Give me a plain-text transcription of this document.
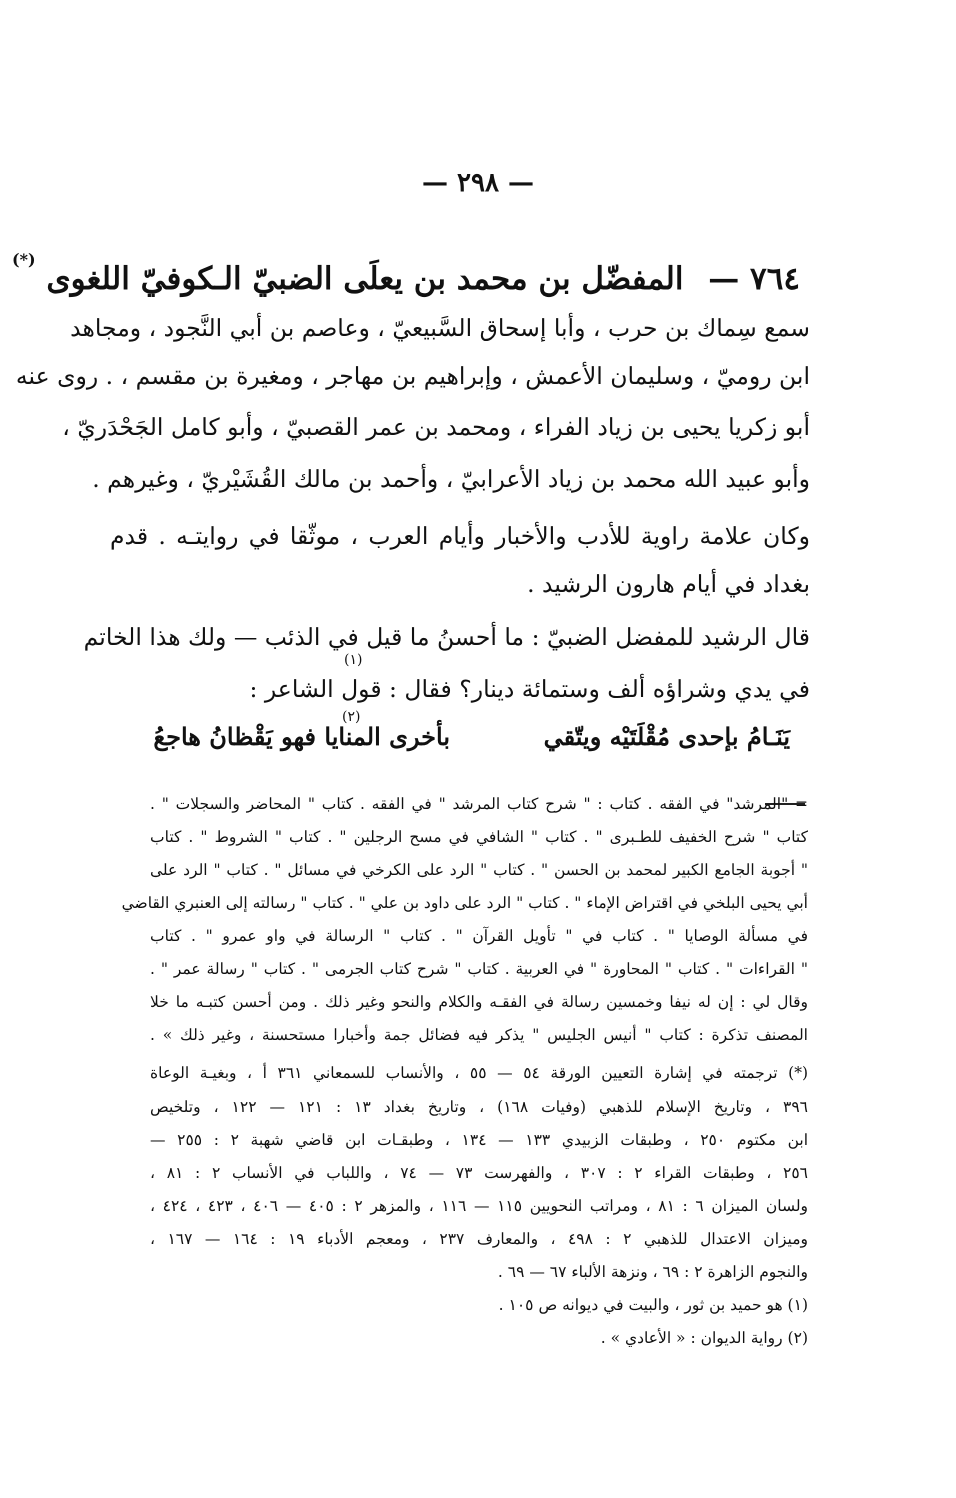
— ٢٩٨ —
٧٦٤ — المفضّل بن محمد بن يعلَى الضبيّ الـكوفيّ اللغوى (*)
سمع سِماك بن حرب ، وأبا إسحاق السَّبيعيّ ، وعاصم بن أبي النَّجود ، ومجاهد
ابن روميّ ، وسليمان الأعمش ، وإبراهيم بن مهاجر ، ومغيرة بن مقسم ، . روى عنه
أبو زكريا يحيى بن زياد الفراء ، ومحمد بن عمر القصبيّ ، وأبو كامل الجَحْدَريّ ،
وأبو عبيد الله محمد بن زياد الأعرابيّ ، وأحمد بن مالك القُشَيْريّ ، وغيرهم .
وكان علامة راوية للأدب والأخبار وأيام العرب ، موثّقا في روايتـه . قدم
بغداد في أيام هارون الرشيد .
قال الرشيد للمفضل الضبيّ : ما أحسنُ ما قيل في الذئب — ولك هذا الخاتم
في يدي وشراؤه ألف وستمائة دينار؟ فقال : قول الشاعر :
(١)
يَنَـامُ بإحدى مُقْلَتَيْه ويتّقي
(٢)
بأخرى المنايا فهو يَقْظانُ هاجعُ
= "المرشد" في الفقه . كتاب : " شرح كتاب المرشد " في الفقه . كتاب " المحاضر والسجلات " .
كتاب " شرح الخفيف للطـبرى " . كتاب " الشافي في مسح الرجلين " . كتاب " الشروط " . كتاب
" أجوبة الجامع الكبير لمحمد بن الحسن " . كتاب " الرد على الكرخي في مسائل " . كتاب " الرد على
أبي يحيى البلخي في اقتراض الإماء " . كتاب " الرد على داود بن علي " . كتاب " رسالته إلى العنبري القاضي
في مسألة الوصايا " . كتاب في " تأويل القرآن " . كتاب " الرسالة في واو عمرو " . كتاب
" القراءات " . كتاب " المحاورة " في العربية . كتاب " شرح كتاب الجرمى " . كتاب " رسالة عمر " .
وقال لي : إن له نيفا وخمسين رسالة في الفقـه والكلام والنحو وغير ذلك . ومن أحسن كتبـه ما خلا
المصنف تذكرة : كتاب " أنيس الجليس " يذكر فيه فضائل جمة وأخبارا مستحسنة ، وغير ذلك » .
(*) ترجمته في إشارة التعيين الورقة ٥٤ — ٥٥ ، والأنساب للسمعاني ٣٦١ أ ، وبغيـة الوعاة
٣٩٦ ، وتاريخ الإسلام للذهبي (وفيات ١٦٨) ، وتاريخ بغداد ١٣ : ١٢١ — ١٢٢ ، وتلخيص
ابن مكتوم ٢٥٠ ، وطبقات الزبيدي ١٣٣ — ١٣٤ ، وطبقـات ابن قاضي شهبة ٢ : ٢٥٥ —
٢٥٦ ، وطبقات القراء ٢ : ٣٠٧ ، والفهرست ٧٣ — ٧٤ ، واللباب في الأنساب ٢ : ٨١ ،
ولسان الميزان ٦ : ٨١ ، ومراتب النحويين ١١٥ — ١١٦ ، والمزهر ٢ : ٤٠٥ — ٤٠٦ ، ٤٢٣ ، ٤٢٤ ،
وميزان الاعتدال للذهبي ٢ : ٤٩٨ ، والمعارف ٢٣٧ ، ومعجم الأدباء ١٩ : ١٦٤ — ١٦٧ ،
والنجوم الزاهرة ٢ : ٦٩ ، ونزهة الألباء ٦٧ — ٦٩ .
(١) هو حميد بن ثور ، والبيت في ديوانه ص ١٠٥ .
(٢) رواية الديوان : « الأعادي » .
